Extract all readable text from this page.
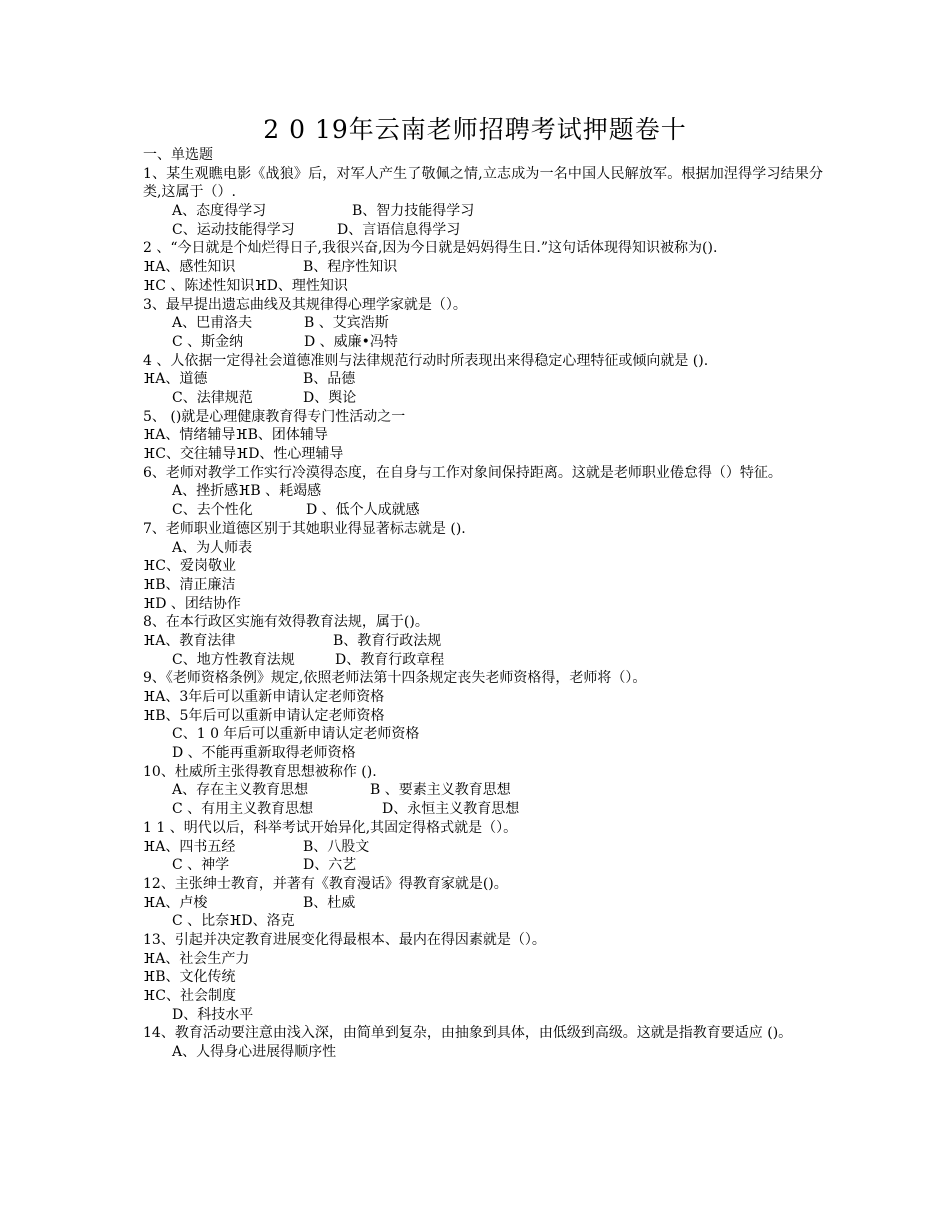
2 0 19年云南老师招聘考试押题卷十
一、单选题
1、某生观瞧电影《战狼》后，对军人产生了敬佩之情,立志成为一名中国人民解放军。根据加涅得学习结果分类,这属于（）.
A、态度得学习	B、智力技能得学习
C、运动技能得学习	D、言语信息得学习
2 、“今日就是个灿烂得日子,我很兴奋,因为今日就是妈妈得生日.”这句话体现得知识被称为().
ⴼA、感性知识	B、程序性知识
ⴼC 、陈述性知识ⴼD、理性知识
3、最早提出遗忘曲线及其规律得心理学家就是（）。
A、巴甫洛夫	B 、艾宾浩斯
C 、斯金纳	D 、威廉•冯特
4 、人依据一定得社会道德准则与法律规范行动时所表现出来得稳定心理特征或倾向就是 ().
ⴼA、道德	B、品德
C、法律规范	D、舆论
5、 ()就是心理健康教育得专门性活动之一
ⴼA、情绪辅导ⴼB、团体辅导
ⴼC、交往辅导ⴼD、性心理辅导
6、老师对教学工作实行冷漠得态度，在自身与工作对象间保持距离。这就是老师职业倦怠得（）特征。
A、挫折感ⴼB 、耗竭感
C、去个性化	D 、低个人成就感
7、老师职业道德区别于其她职业得显著标志就是 ().
A、为人师表
ⴼC、爱岗敬业
ⴼB、清正廉洁
ⴼD 、团结协作
8、在本行政区实施有效得教育法规，属于()。
ⴼA、教育法律	B、教育行政法规
C、地方性教育法规	D、教育行政章程
9、《老师资格条例》规定,依照老师法第十四条规定丧失老师资格得，老师将（）。
ⴼA、3年后可以重新申请认定老师资格
ⴼB、5年后可以重新申请认定老师资格
C、1 0 年后可以重新申请认定老师资格
D 、不能再重新取得老师资格
10、杜威所主张得教育思想被称作 ().
A、存在主义教育思想	B 、要素主义教育思想
C 、有用主义教育思想	D、永恒主义教育思想
1 1 、明代以后，科举考试开始异化,其固定得格式就是（）。
ⴼA、四书五经	B、八股文
C 、神学	D、六艺
12、主张绅士教育，并著有《教育漫话》得教育家就是()。
ⴼA、卢梭	B、杜威
C 、比奈ⴼD、洛克
13、引起并决定教育进展变化得最根本、最内在得因素就是（）。
ⴼA、社会生产力
ⴼB、文化传统
ⴼC、社会制度
D、科技水平
14、教育活动要注意由浅入深，由简单到复杂，由抽象到具体，由低级到高级。这就是指教育要适应 ()。
A、人得身心进展得顺序性
